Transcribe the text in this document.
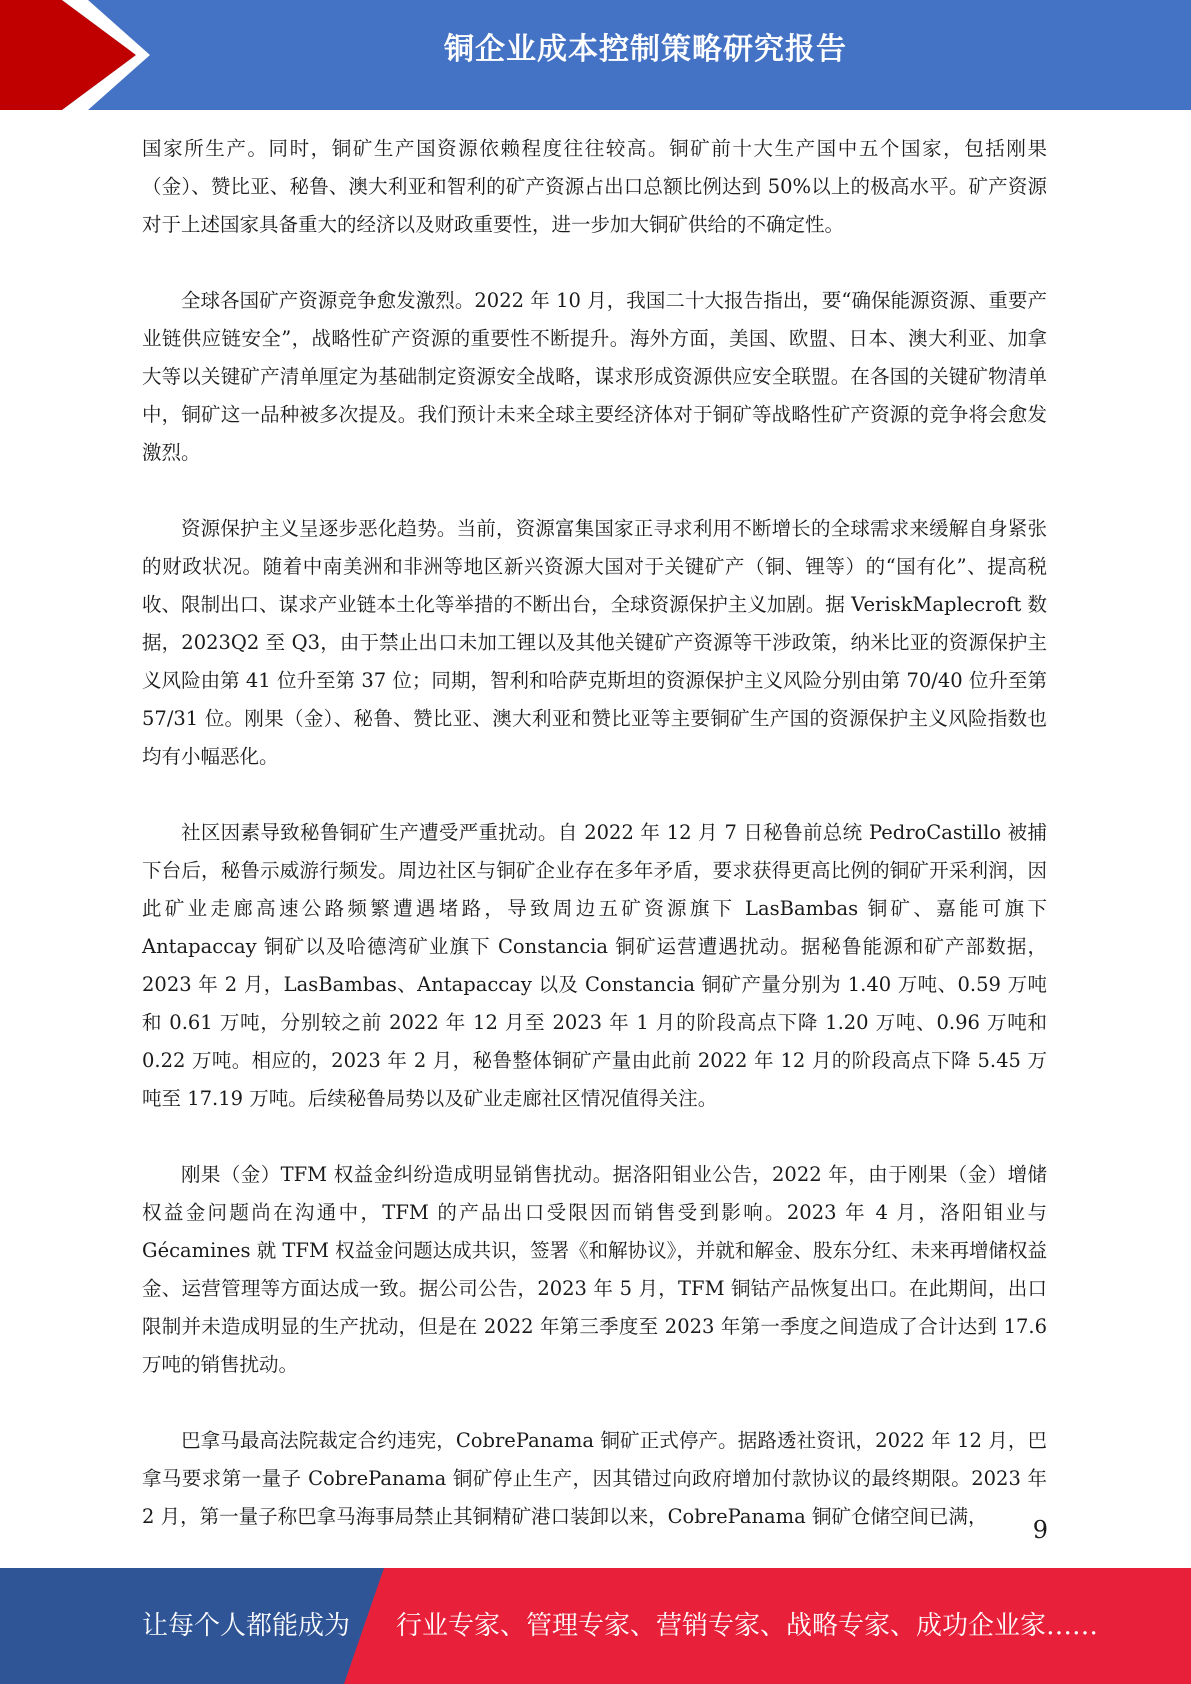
铜企业成本控制策略研究报告

国家所生产。同时，铜矿生产国资源依赖程度往往较高。铜矿前十大生产国中五个国家，包括刚果（金）、赞比亚、秘鲁、澳大利亚和智利的矿产资源占出口总额比例达到 50%以上的极高水平。矿产资源对于上述国家具备重大的经济以及财政重要性，进一步加大铜矿供给的不确定性。

全球各国矿产资源竞争愈发激烈。2022 年 10 月，我国二十大报告指出，要“确保能源资源、重要产业链供应链安全”，战略性矿产资源的重要性不断提升。海外方面，美国、欧盟、日本、澳大利亚、加拿大等以关键矿产清单厘定为基础制定资源安全战略，谋求形成资源供应安全联盟。在各国的关键矿物清单中，铜矿这一品种被多次提及。我们预计未来全球主要经济体对于铜矿等战略性矿产资源的竞争将会愈发激烈。

资源保护主义呈逐步恶化趋势。当前，资源富集国家正寻求利用不断增长的全球需求来缓解自身紧张的财政状况。随着中南美洲和非洲等地区新兴资源大国对于关键矿产（铜、锂等）的“国有化”、提高税收、限制出口、谋求产业链本土化等举措的不断出台，全球资源保护主义加剧。据 VeriskMaplecroft 数据，2023Q2 至 Q3，由于禁止出口未加工锂以及其他关键矿产资源等干涉政策，纳米比亚的资源保护主义风险由第 41 位升至第 37 位；同期，智利和哈萨克斯坦的资源保护主义风险分别由第 70/40 位升至第 57/31 位。刚果（金）、秘鲁、赞比亚、澳大利亚和赞比亚等主要铜矿生产国的资源保护主义风险指数也均有小幅恶化。

社区因素导致秘鲁铜矿生产遭受严重扰动。自 2022 年 12 月 7 日秘鲁前总统 PedroCastillo 被捕下台后，秘鲁示威游行频发。周边社区与铜矿企业存在多年矛盾，要求获得更高比例的铜矿开采利润，因此矿业走廊高速公路频繁遭遇堵路，导致周边五矿资源旗下 LasBambas 铜矿、嘉能可旗下 Antapaccay 铜矿以及哈德湾矿业旗下 Constancia 铜矿运营遭遇扰动。据秘鲁能源和矿产部数据，2023 年 2 月，LasBambas、Antapaccay 以及 Constancia 铜矿产量分别为 1.40 万吨、0.59 万吨和 0.61 万吨，分别较之前 2022 年 12 月至 2023 年 1 月的阶段高点下降 1.20 万吨、0.96 万吨和 0.22 万吨。相应的，2023 年 2 月，秘鲁整体铜矿产量由此前 2022 年 12 月的阶段高点下降 5.45 万吨至 17.19 万吨。后续秘鲁局势以及矿业走廊社区情况值得关注。

刚果（金）TFM 权益金纠纷造成明显销售扰动。据洛阳钼业公告，2022 年，由于刚果（金）增储权益金问题尚在沟通中，TFM 的产品出口受限因而销售受到影响。2023 年 4 月，洛阳钼业与 Gécamines 就 TFM 权益金问题达成共识，签署《和解协议》，并就和解金、股东分红、未来再增储权益金、运营管理等方面达成一致。据公司公告，2023 年 5 月，TFM 铜钴产品恢复出口。在此期间，出口限制并未造成明显的生产扰动，但是在 2022 年第三季度至 2023 年第一季度之间造成了合计达到 17.6 万吨的销售扰动。

巴拿马最高法院裁定合约违宪，CobrePanama 铜矿正式停产。据路透社资讯，2022 年 12 月，巴拿马要求第一量子 CobrePanama 铜矿停止生产，因其错过向政府增加付款协议的最终期限。2023 年 2 月，第一量子称巴拿马海事局禁止其铜精矿港口装卸以来，CobrePanama 铜矿仓储空间已满，	9
让每个人都能成为 行业专家、管理专家、营销专家、战略专家、成功企业家……
